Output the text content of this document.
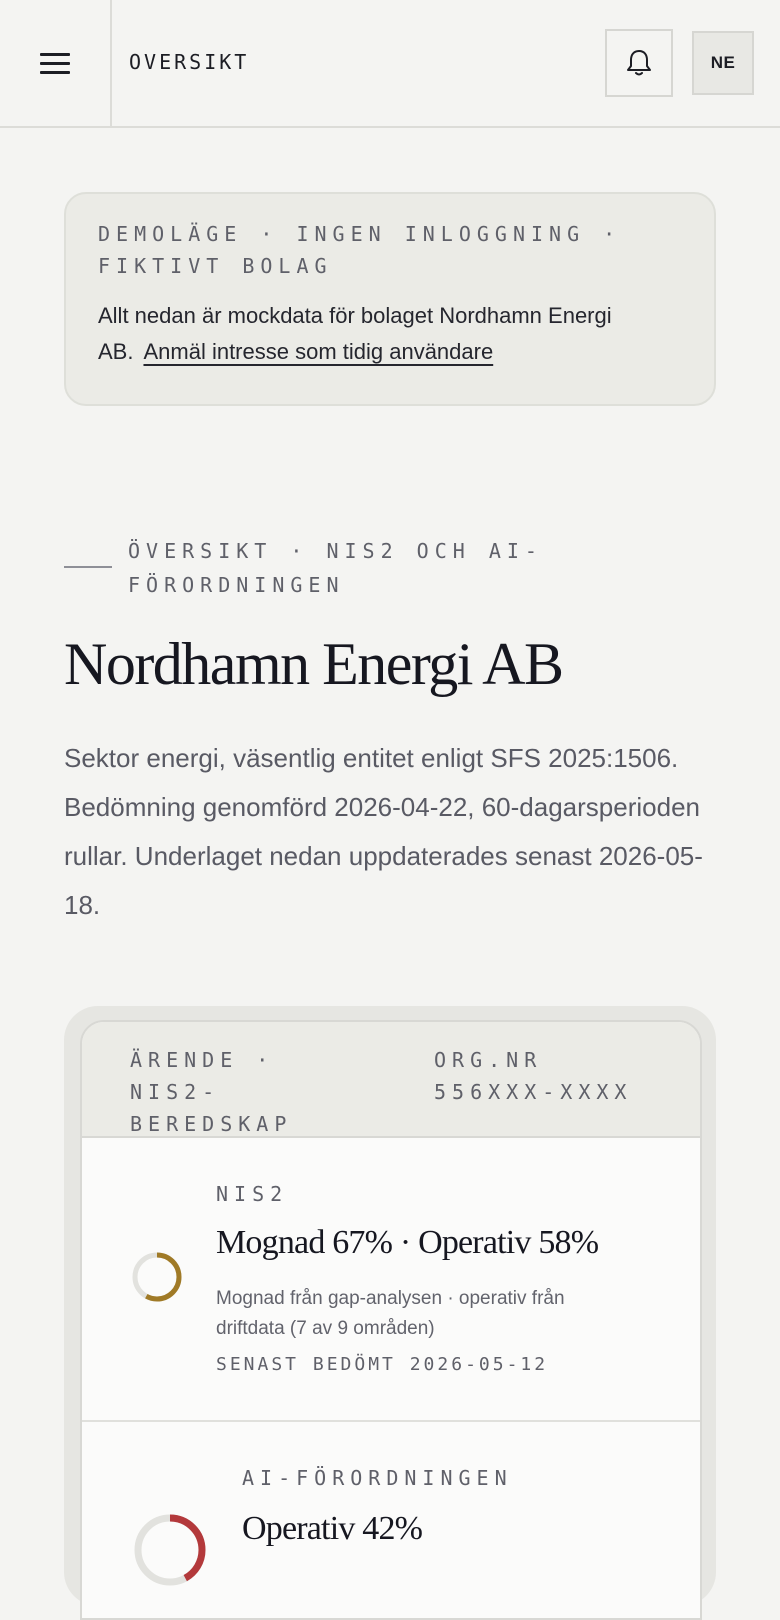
OVERSIKT	NE
DEMOLÄGE · INGEN INLOGGNING · FIKTIVT BOLAG
Allt nedan är mockdata för bolaget Nordhamn Energi AB. Anmäl intresse som tidig användare
ÖVERSIKT · NIS2 OCH AI-FÖRORDNINGEN
Nordhamn Energi AB
Sektor energi, väsentlig entitet enligt SFS 2025:1506. Bedömning genomförd 2026-04-22, 60-dagarsperioden rullar. Underlaget nedan uppdaterades senast 2026-05-18.
ÄRENDE · NIS2-BEREDSKAP
ORG.NR 556XXX-XXXX
NIS2
Mognad 67% · Operativ 58%
Mognad från gap-analysen · operativ från driftdata (7 av 9 områden)
SENAST BEDÖMT 2026-05-12
AI-FÖRORDNINGEN
Operativ 42%
